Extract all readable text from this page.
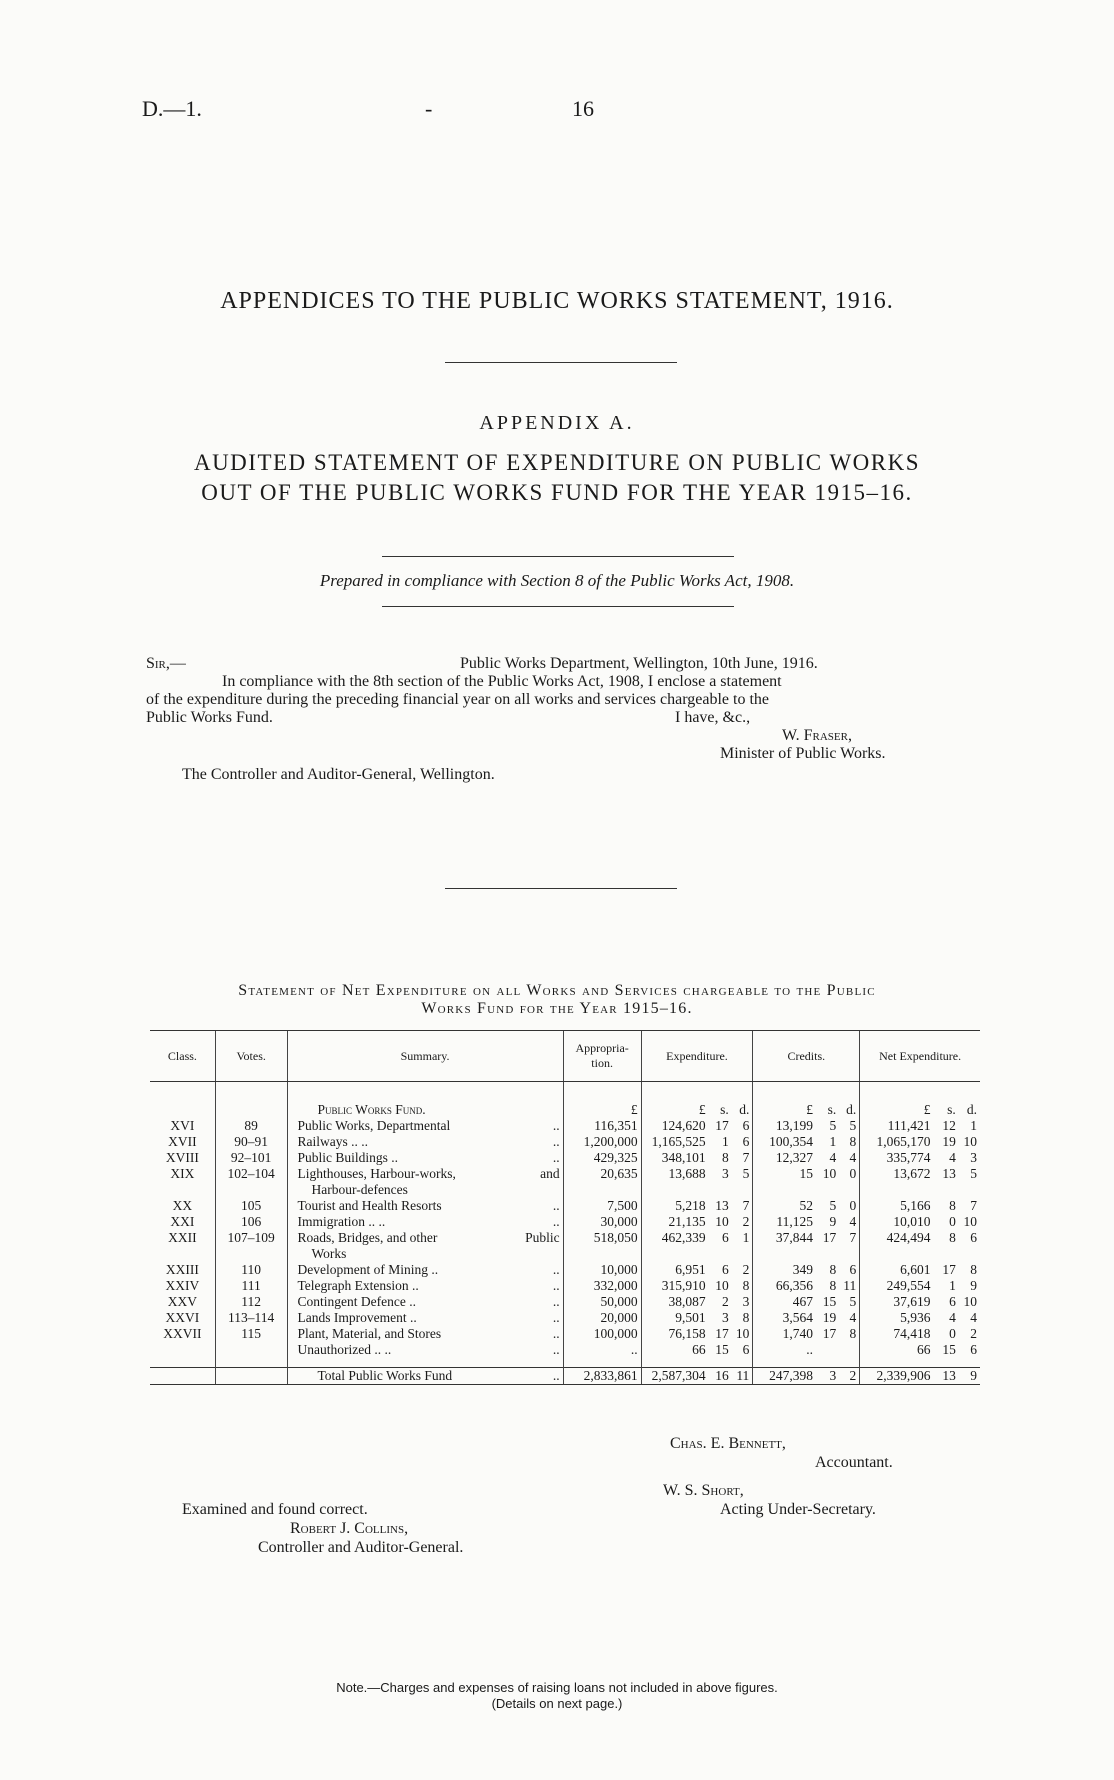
D.—1.	-	16
APPENDICES TO THE PUBLIC WORKS STATEMENT, 1916.
APPENDIX A.
AUDITED STATEMENT OF EXPENDITURE ON PUBLIC WORKS
OUT OF THE PUBLIC WORKS FUND FOR THE YEAR 1915–16.
Prepared in compliance with Section 8 of the Public Works Act, 1908.
Sir,—	Public Works Department, Wellington, 10th June, 1916.
In compliance with the 8th section of the Public Works Act, 1908, I enclose a statement
of the expenditure during the preceding financial year on all works and services chargeable to the
Public Works Fund.	I have, &c.,
W. Fraser,
Minister of Public Works.
The Controller and Auditor-General, Wellington.
Statement of Net Expenditure on all Works and Services chargeable to the Public
Works Fund for the Year 1915–16.
Class.	Votes.	Summary.	Appropria-tion.	Expenditure.			Credits.			Net Expenditure.		

		Public Works Fund.	£	£	s.	d.	£	s.	d.	£	s.	d.
XVI	89	Public Works, Departmental ..	116,351	124,620	17	6	13,199	5	5	111,421	12	1
XVII	90–91	Railways .. .. ..	1,200,000	1,165,525	1	6	100,354	1	8	1,065,170	19	10
XVIII	92–101	Public Buildings .. ..	429,325	348,101	8	7	12,327	4	4	335,774	4	3
XIX	102–104	Lighthouses, Harbour-works, and
Harbour-defences	20,635	13,688	3	5	15	10	0	13,672	13	5
XX	105	Tourist and Health Resorts ..	7,500	5,218	13	7	52	5	0	5,166	8	7
XXI	106	Immigration .. .. ..	30,000	21,135	10	2	11,125	9	4	10,010	0	10
XXII	107–109	Roads, Bridges, and other Public
Works	518,050	462,339	6	1	37,844	17	7	424,494	8	6
XXIII	110	Development of Mining .. ..	10,000	6,951	6	2	349	8	6	6,601	17	8
XXIV	111	Telegraph Extension .. ..	332,000	315,910	10	8	66,356	8	11	249,554	1	9
XXV	112	Contingent Defence .. ..	50,000	38,087	2	3	467	15	5	37,619	6	10
XXVI	113–114	Lands Improvement .. ..	20,000	9,501	3	8	3,564	19	4	5,936	4	4
XXVII	115	Plant, Material, and Stores ..	100,000	76,158	17	10	1,740	17	8	74,418	0	2
		Unauthorized .. .. ..	..	66	15	6	..			66	15	6

		Total Public Works Fund ..	2,833,861	2,587,304	16	11	247,398	3	2	2,339,906	13	9
Chas. E. Bennett,
Accountant.
W. S. Short,
Acting Under-Secretary.
Examined and found correct.
Robert J. Collins,
Controller and Auditor-General.
Note.—Charges and expenses of raising loans not included in above figures.
(Details on next page.)
